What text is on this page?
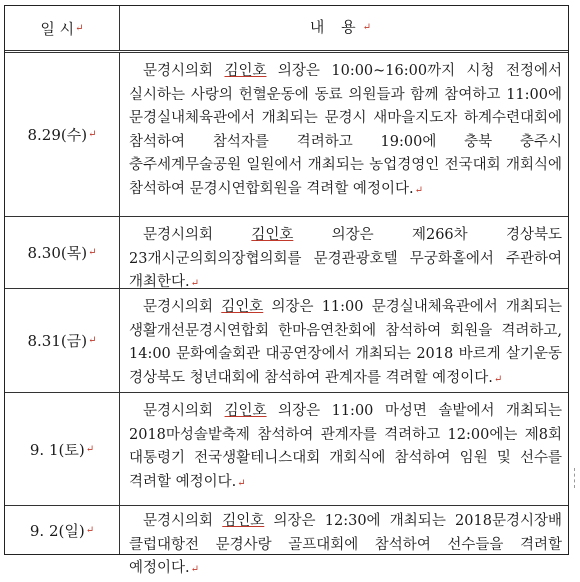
일 시 ↵	내 용 ↵
8.29(수) ↵
문경시의회 김인호 의장은 10:00~16:00까지 시청 전정에서 실시하는 사랑의 헌혈운동에 동료 의원들과 함께 참여하고 11:00에 문경실내체육관에서 개최되는 문경시 새마을지도자 하계수련대회에 참석하여 참석자를 격려하고 19:00에 충북 충주시 충주세계무술공원 일원에서 개최되는 농업경영인 전국대회 개회식에 참석하여 문경시연합회원을 격려할 예정이다.↵
8.30(목) ↵
문경시의회 김인호 의장은 제266차 경상북도 23개시군의회의장협의회를 문경관광호텔 무궁화홀에서 주관하여 개최한다.↵
8.31(금) ↵
문경시의회 김인호 의장은 11:00 문경실내체육관에서 개최되는 생활개선문경시연합회 한마음연찬회에 참석하여 회원을 격려하고, 14:00 문화예술회관 대공연장에서 개최되는 2018 바르게 살기운동 경상북도 청년대회에 참석하여 관계자를 격려할 예정이다.↵
9. 1(토) ↵
문경시의회 김인호 의장은 11:00 마성면 솔밭에서 개최되는 2018마성솔밭축제 참석하여 관계자를 격려하고 12:00에는 제8회 대통령기 전국생활테니스대회 개회식에 참석하여 임원 및 선수를 격려할 예정이다.↵
9. 2(일) ↵
문경시의회 김인호 의장은 12:30에 개최되는 2018문경시장배 클럽대항전 문경사랑 골프대회에 참석하여 선수들을 격려할 예정이다.↵
